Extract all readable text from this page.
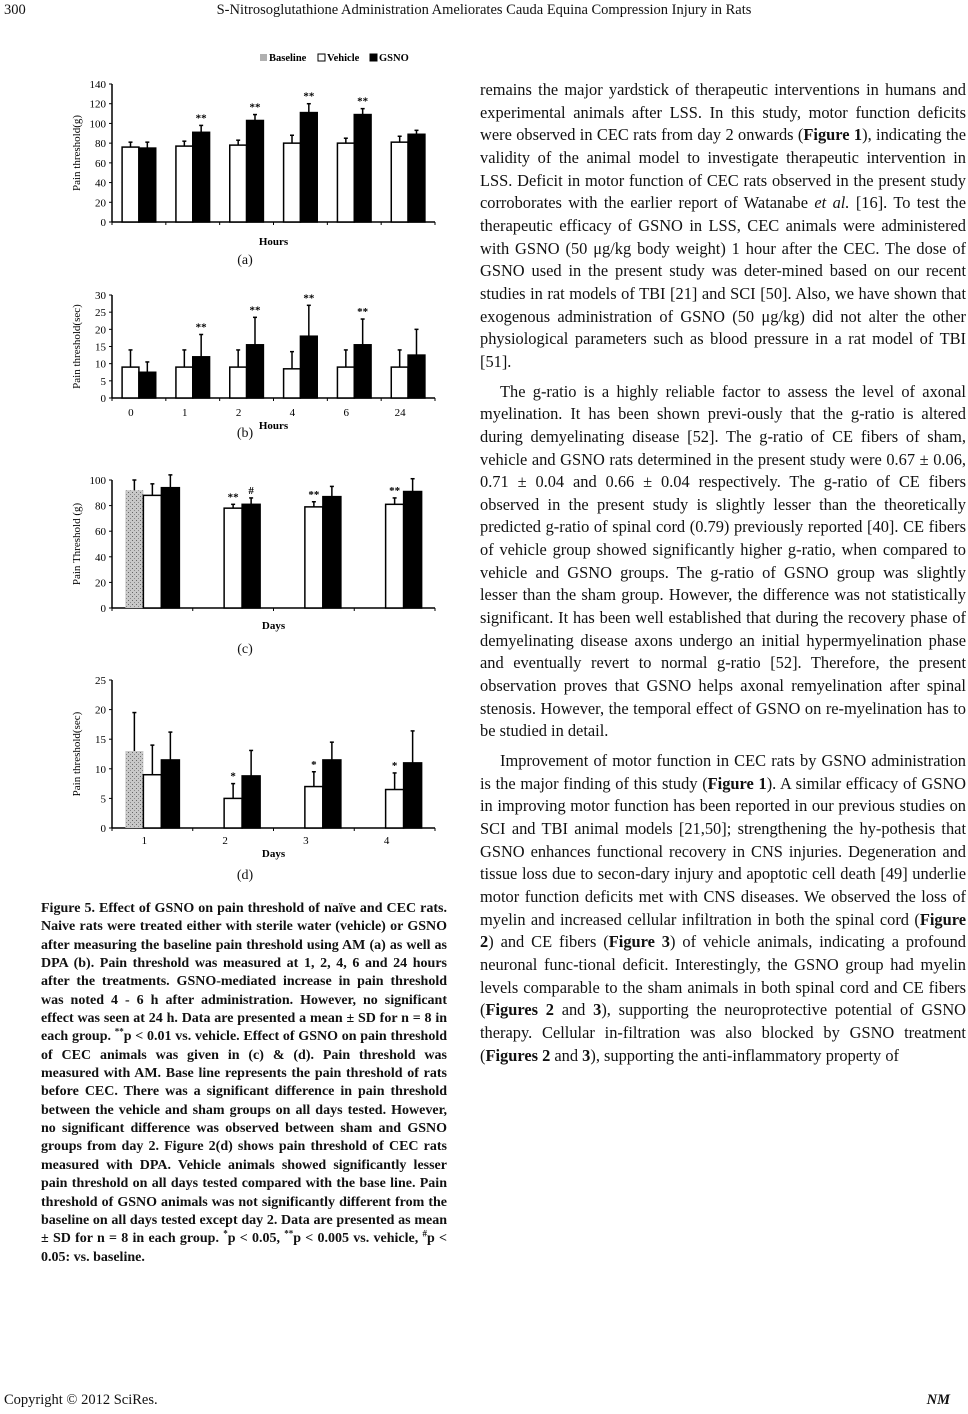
300	S-Nitrosoglutathione Administration Ameliorates Cauda Equina Compression Injury in Rats
0
20
40
60
80
100
120
140
**
**
**	**
Hours
Pain threshold(g)
Baseline Vehicle GSNO
(a)
0
5
10
15
20
25
30
**
**
**
**
0	1	2	4	6	24
Hours
Pain threshold(sec)
(b)
0
20
40
60
80
100
**	**	**
#
Days
Pain Threshold (g)
(c)
0
5
10
15
20
25
*
*	*
1	2	3	4
Days
Pain threshold(sec)
(d)
Figure 5. Effect of GSNO on pain threshold of naïve and CEC rats. Naive rats were treated either with sterile water (vehicle) or GSNO after measuring the baseline pain threshold using AM (a) as well as DPA (b). Pain threshold was measured at 1, 2, 4, 6 and 24 hours after the treatments. GSNO-mediated increase in pain threshold was noted 4 - 6 h after administration. However, no significant effect was seen at 24 h. Data are presented a mean ± SD for n = 8 in each group. **p < 0.01 vs. vehicle. Effect of GSNO on pain threshold of CEC animals was given in (c) & (d). Pain threshold was measured with AM. Base line represents the pain threshold of rats before CEC. There was a significant difference in pain threshold between the vehicle and sham groups on all days tested. However, no significant difference was observed between sham and GSNO groups from day 2. Figure 2(d) shows pain threshold of CEC rats measured with DPA. Vehicle animals showed significantly lesser pain threshold on all days tested compared with the base line. Pain threshold of GSNO animals was not significantly different from the baseline on all days tested except day 2. Data are presented as mean ± SD for n = 8 in each group. *p < 0.05, **p < 0.005 vs. vehicle, #p < 0.05: vs. baseline.

remains the major yardstick of therapeutic interventions in humans and experimental animals after LSS. In this study, motor function deficits were observed in CEC rats from day 2 onwards (Figure 1), indicating the validity of the animal model to investigate therapeutic intervention in LSS. Deficit in motor function of CEC rats observed in the present study corroborates with the earlier report of Watanabe et al. [16]. To test the therapeutic efficacy of GSNO in LSS, CEC animals were administered with GSNO (50 μg/kg body weight) 1 hour after the CEC. The dose of GSNO used in the present study was deter-mined based on our recent studies in rat models of TBI [21] and SCI [50]. Also, we have shown that exogenous administration of GSNO (50 μg/kg) did not alter the other physiological parameters such as blood pressure in a rat model of TBI [51].

The g-ratio is a highly reliable factor to assess the level of axonal myelination. It has been shown previ-ously that the g-ratio is altered during demyelinating disease [52]. The g-ratio of CE fibers of sham, vehicle and GSNO rats determined in the present study were 0.67 ± 0.06, 0.71 ± 0.04 and 0.66 ± 0.04 respectively. The g-ratio of CE fibers observed in the present study is slightly lesser than the theoretically predicted g-ratio of spinal cord (0.79) previously reported [40]. CE fibers of vehicle group showed significantly higher g-ratio, when compared to vehicle and GSNO groups. The g-ratio of GSNO group was slightly lesser than the sham group. However, the difference was not statistically significant. It has been well established that during the recovery phase of demyelinating disease axons undergo an initial hypermyelination phase and eventually revert to normal g-ratio [52]. Therefore, the present observation proves that GSNO helps axonal remyelination after spinal stenosis. However, the temporal effect of GSNO on re-myelination has to be studied in detail.

Improvement of motor function in CEC rats by GSNO administration is the major finding of this study (Figure 1). A similar efficacy of GSNO in improving motor function has been reported in our previous studies on SCI and TBI animal models [21,50]; strengthening the hy-pothesis that GSNO enhances functional recovery in CNS injuries. Degeneration and tissue loss due to secon-dary injury and apoptotic cell death [49] underlie motor function deficits met with CNS diseases. We observed the loss of myelin and increased cellular infiltration in both the spinal cord (Figure 2) and CE fibers (Figure 3) of vehicle animals, indicating a profound neuronal func-tional deficit. Interestingly, the GSNO group had myelin levels comparable to the sham animals in both spinal cord and CE fibers (Figures 2 and 3), supporting the neuroprotective potential of GSNO therapy. Cellular in-filtration was also blocked by GSNO treatment (Figures 2 and 3), supporting the anti-inflammatory property of

Copyright © 2012 SciRes.	NM
